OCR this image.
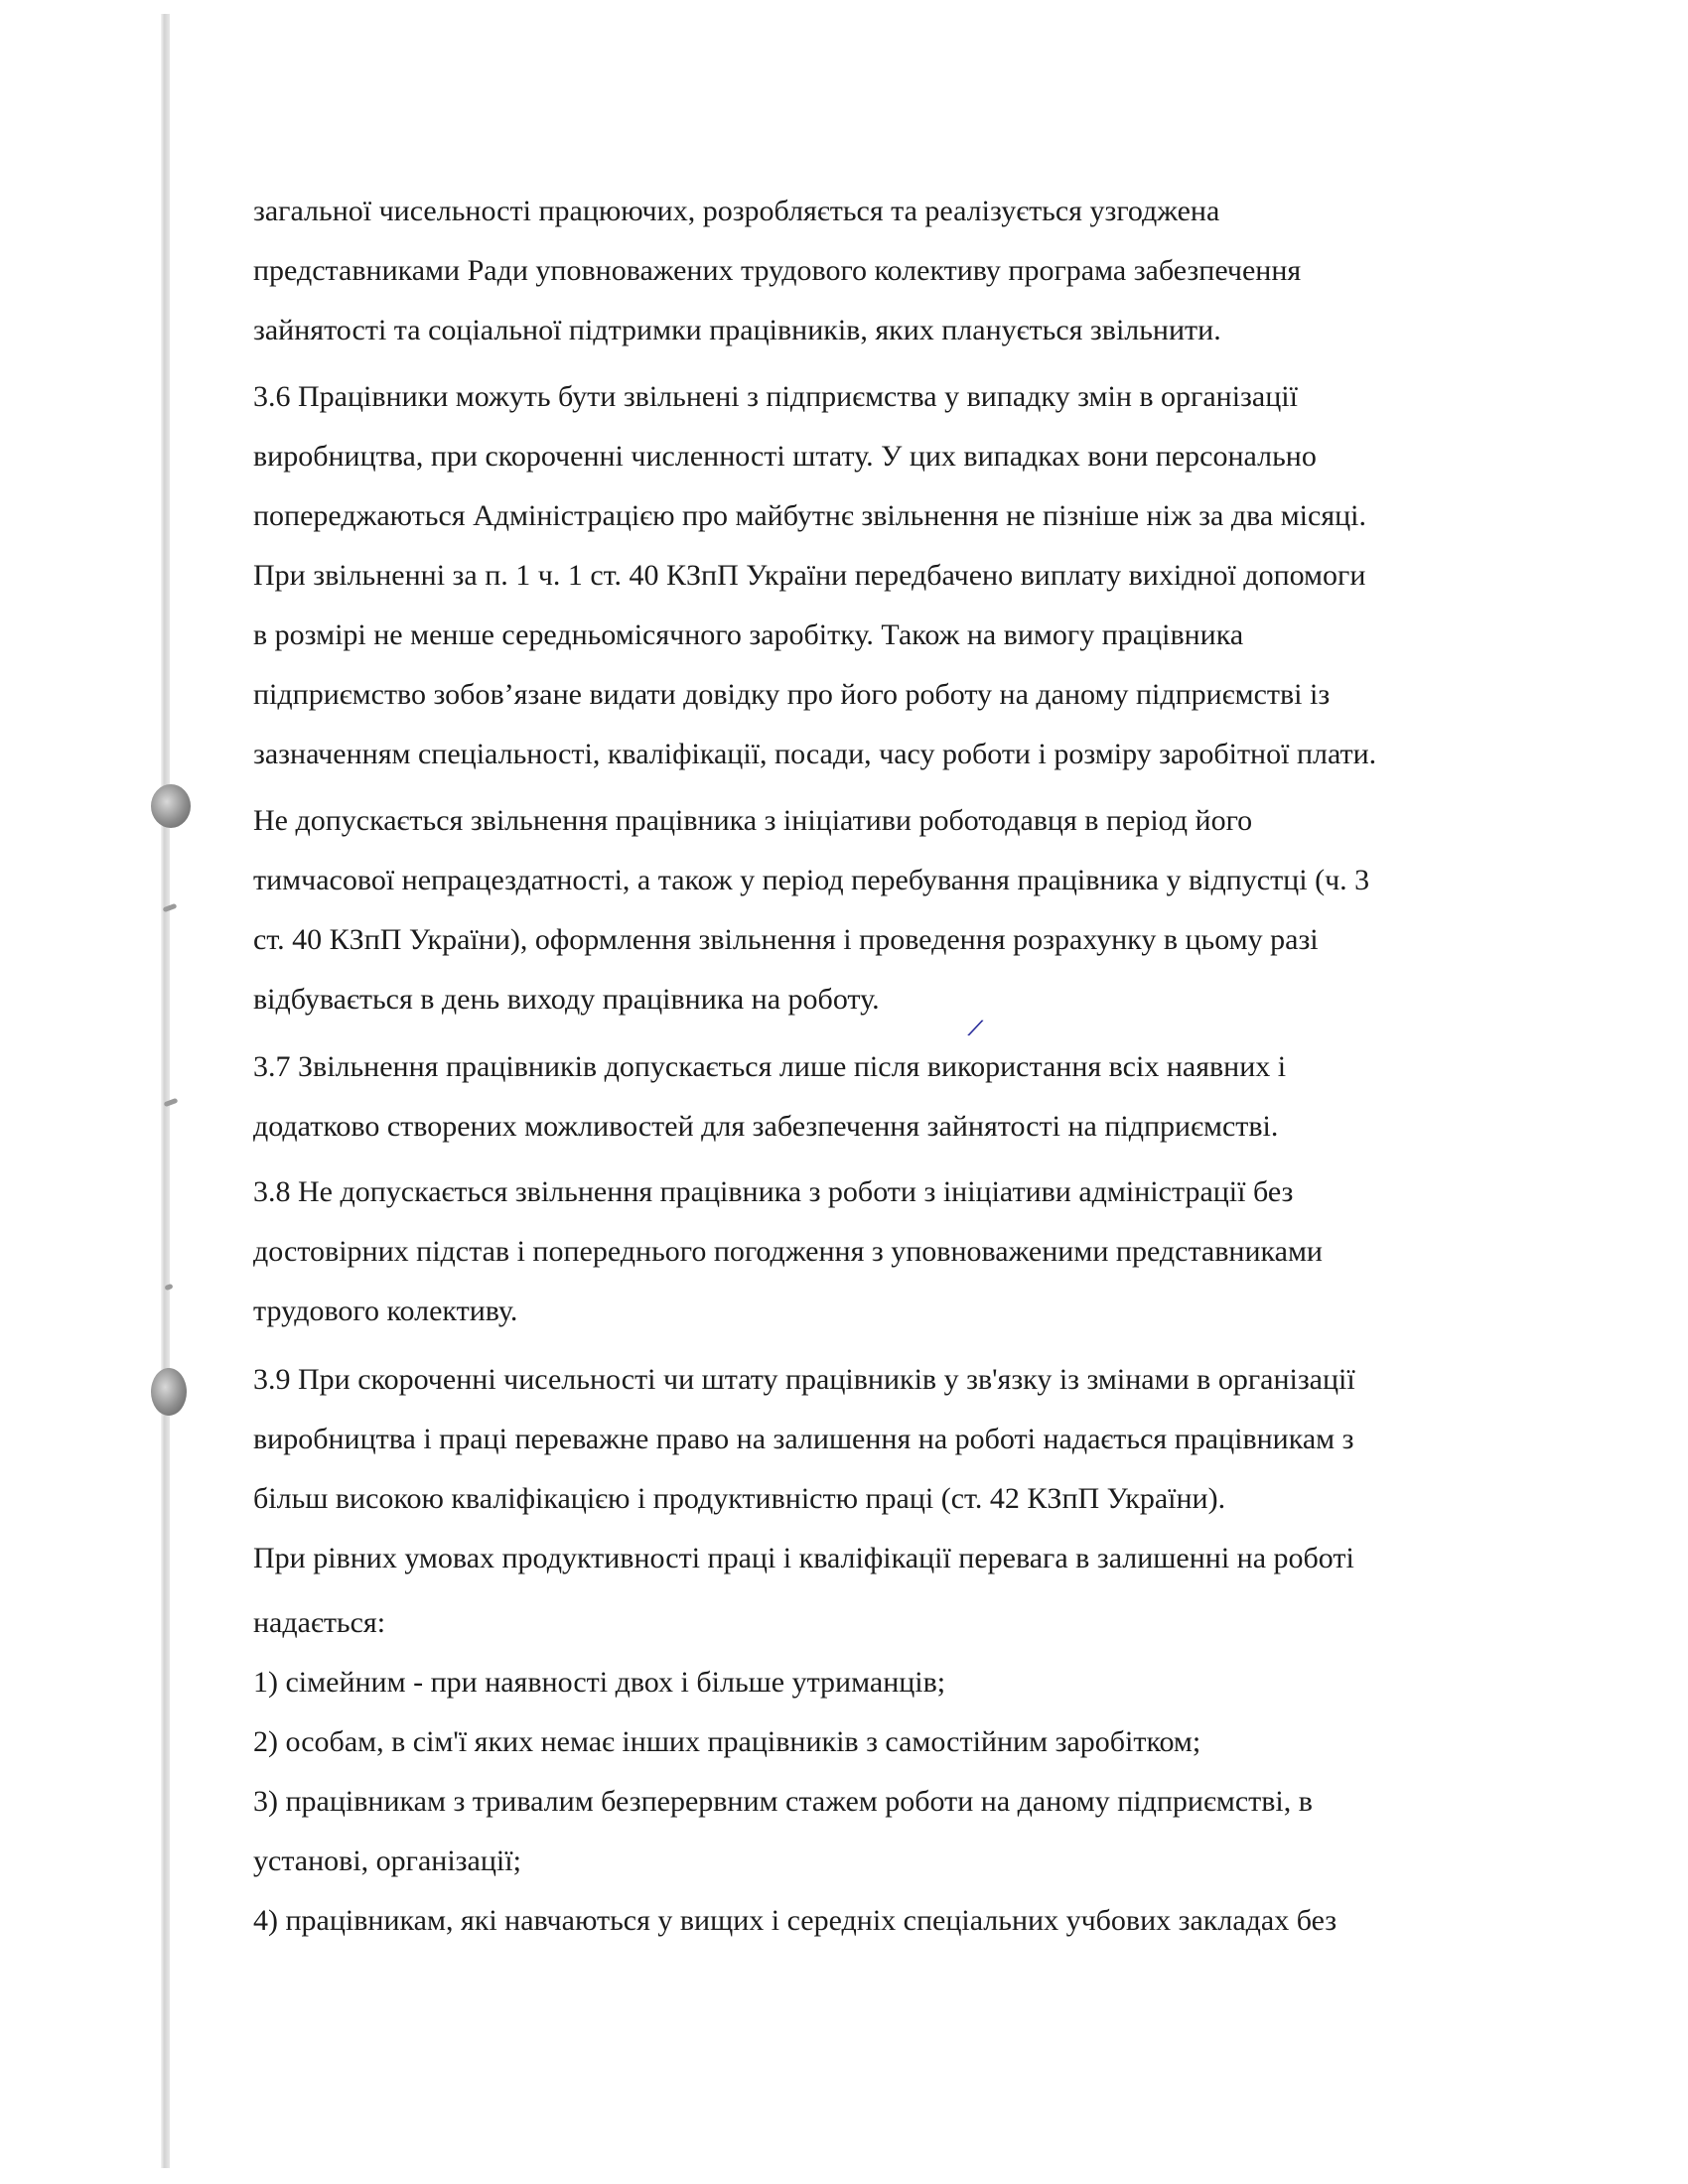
загальної чисельності працюючих, розробляється та реалізується узгоджена
представниками Ради уповноважених трудового колективу програма забезпечення
зайнятості та соціальної підтримки працівників, яких планується звільнити.
3.6 Працівники можуть бути звільнені з підприємства у випадку змін в організації
виробництва, при скороченні численності штату. У цих випадках вони персонально
попереджаються Адміністрацією про майбутнє звільнення не пізніше ніж за два місяці.
При звільненні за п. 1 ч. 1 ст. 40 КЗпП України передбачено виплату вихідної допомоги
в розмірі не менше середньомісячного заробітку. Також на вимогу працівника
підприємство зобов’язане видати довідку про його роботу на даному підприємстві із
зазначенням спеціальності, кваліфікації, посади, часу роботи і розміру заробітної плати.
Не допускається звільнення працівника з ініціативи роботодавця в період його
тимчасової непрацездатності, а також у період перебування працівника у відпустці (ч. 3
ст. 40 КЗпП України), оформлення звільнення і проведення розрахунку в цьому разі
відбувається в день виходу працівника на роботу.
3.7 Звільнення працівників допускається лише після використання всіх наявних і
додатково створених можливостей для забезпечення зайнятості на підприємстві.
3.8 Не допускається звільнення працівника з роботи з ініціативи адміністрації без
достовірних підстав і попереднього погодження з уповноваженими представниками
трудового колективу.
3.9 При скороченні чисельності чи штату працівників у зв'язку із змінами в організації
виробництва і праці переважне право на залишення на роботі надається працівникам з
більш високою кваліфікацією і продуктивністю праці (ст. 42 КЗпП України).
При рівних умовах продуктивності праці і кваліфікації перевага в залишенні на роботі
надається:
1) сімейним - при наявності двох і більше утриманців;
2) особам, в сім'ї яких немає інших працівників з самостійним заробітком;
3) працівникам з тривалим безперервним стажем роботи на даному підприємстві, в
установі, організації;
4) працівникам, які навчаються у вищих і середніх спеціальних учбових закладах без
⁄
